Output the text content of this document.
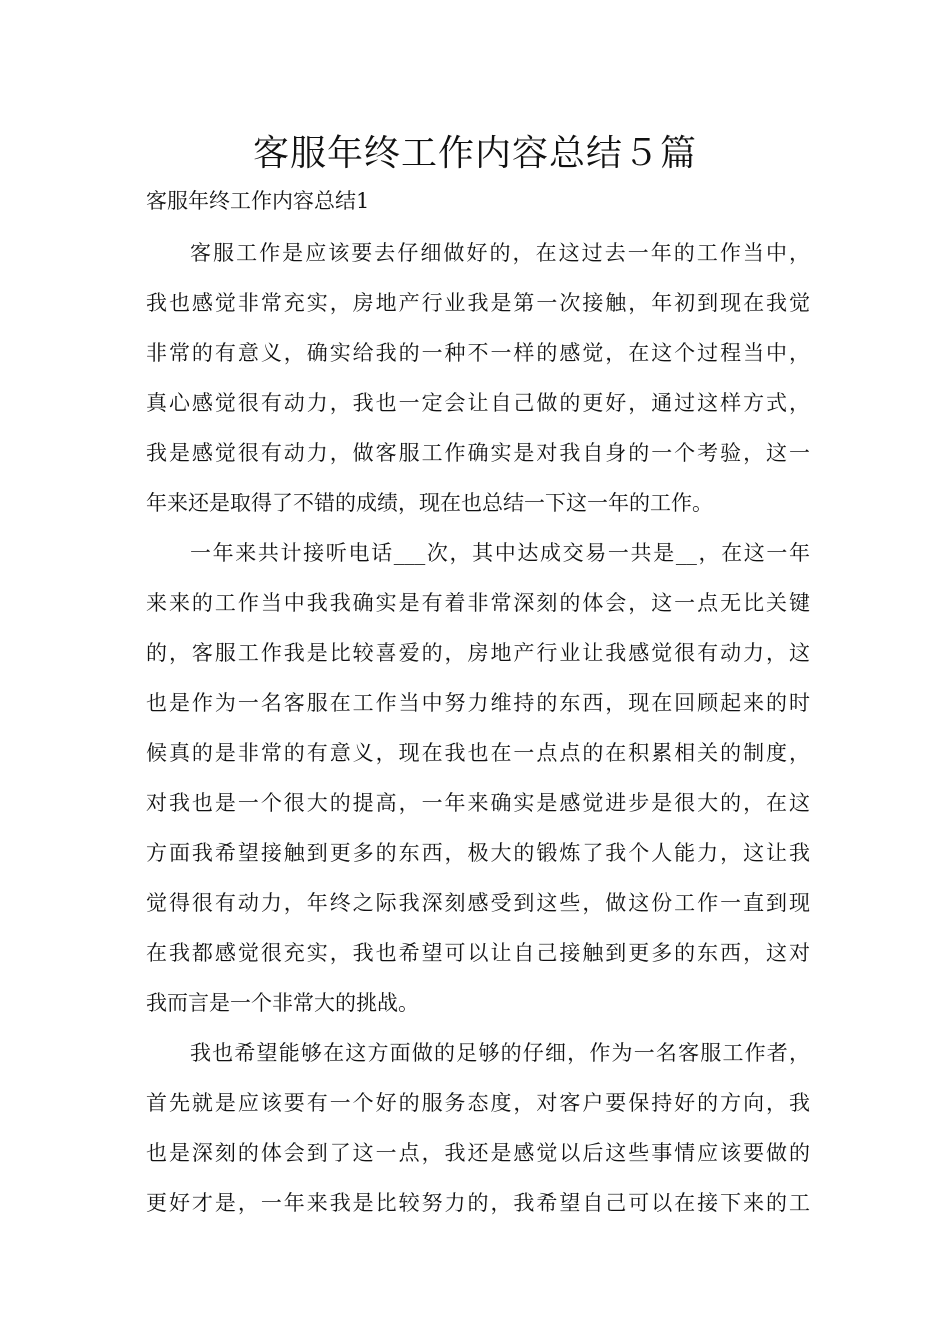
客服年终工作内容总结５篇
客服年终工作内容总结1
客服工作是应该要去仔细做好的，在这过去一年的工作当中，
我也感觉非常充实，房地产行业我是第一次接触，年初到现在我觉
非常的有意义，确实给我的一种不一样的感觉，在这个过程当中，
真心感觉很有动力，我也一定会让自己做的更好，通过这样方式，
我是感觉很有动力，做客服工作确实是对我自身的一个考验，这一
年来还是取得了不错的成绩，现在也总结一下这一年的工作。
一年来共计接听电话___次，其中达成交易一共是__，在这一年
来来的工作当中我我确实是有着非常深刻的体会，这一点无比关键
的，客服工作我是比较喜爱的，房地产行业让我感觉很有动力，这
也是作为一名客服在工作当中努力维持的东西，现在回顾起来的时
候真的是非常的有意义，现在我也在一点点的在积累相关的制度，
对我也是一个很大的提高，一年来确实是感觉进步是很大的，在这
方面我希望接触到更多的东西，极大的锻炼了我个人能力，这让我
觉得很有动力，年终之际我深刻感受到这些，做这份工作一直到现
在我都感觉很充实，我也希望可以让自己接触到更多的东西，这对
我而言是一个非常大的挑战。
我也希望能够在这方面做的足够的仔细，作为一名客服工作者，
首先就是应该要有一个好的服务态度，对客户要保持好的方向，我
也是深刻的体会到了这一点，我还是感觉以后这些事情应该要做的
更好才是，一年来我是比较努力的，我希望自己可以在接下来的工
